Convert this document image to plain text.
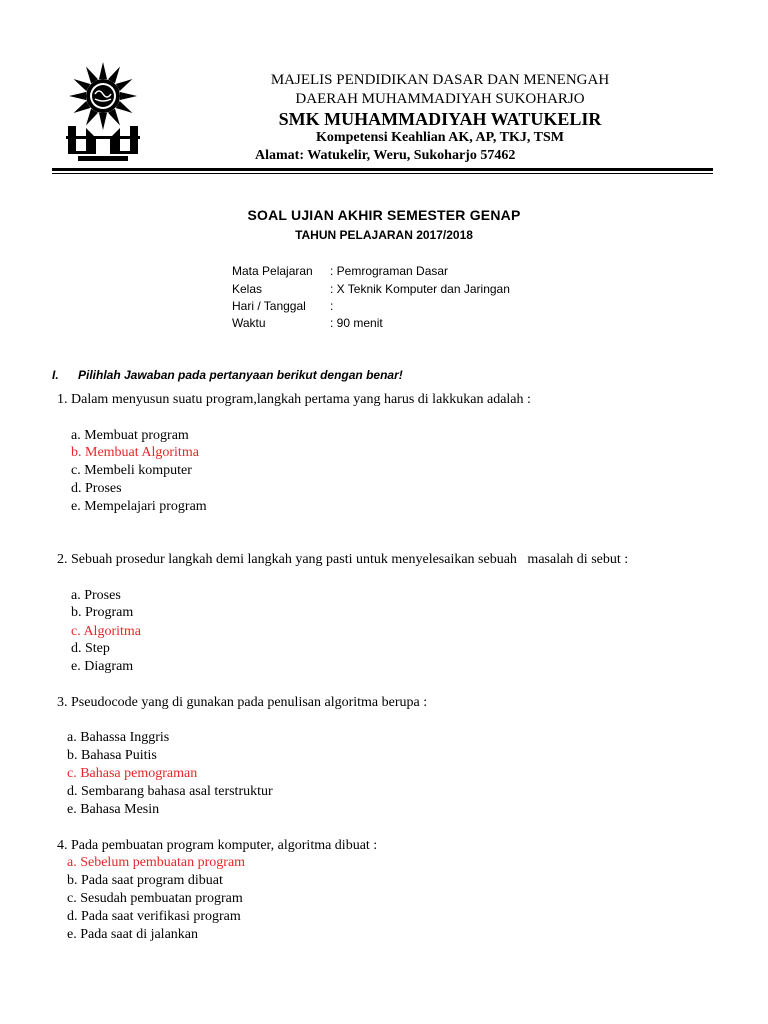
MAJELIS PENDIDIKAN DASAR DAN MENENGAH
DAERAH MUHAMMADIYAH SUKOHARJO
SMK MUHAMMADIYAH WATUKELIR
Kompetensi Keahlian AK, AP, TKJ, TSM
Alamat: Watukelir, Weru, Sukoharjo 57462
SOAL UJIAN AKHIR SEMESTER GENAP
TAHUN PELAJARAN 2017/2018
Mata Pelajaran : Pemrograman Dasar
Kelas	: X Teknik Komputer dan Jaringan
Hari / Tanggal :
Waktu	: 90 menit
I. Pilihlah Jawaban pada pertanyaan berikut dengan benar!
1. Dalam menyusun suatu program,langkah pertama yang harus di lakkukan adalah :
a. Membuat program
b. Membuat Algoritma
c. Membeli komputer
d. Proses
e. Mempelajari program
2. Sebuah prosedur langkah demi langkah yang pasti untuk menyelesaikan sebuah   masalah di sebut :
a. Proses
b. Program
c. Algoritma
d. Step
e. Diagram
3. Pseudocode yang di gunakan pada penulisan algoritma berupa :
a. Bahassa Inggris
b. Bahasa Puitis
c. Bahasa pemograman
d. Sembarang bahasa asal terstruktur
e. Bahasa Mesin
4. Pada pembuatan program komputer, algoritma dibuat :
a. Sebelum pembuatan program
b. Pada saat program dibuat
c. Sesudah pembuatan program
d. Pada saat verifikasi program
e. Pada saat di jalankan
